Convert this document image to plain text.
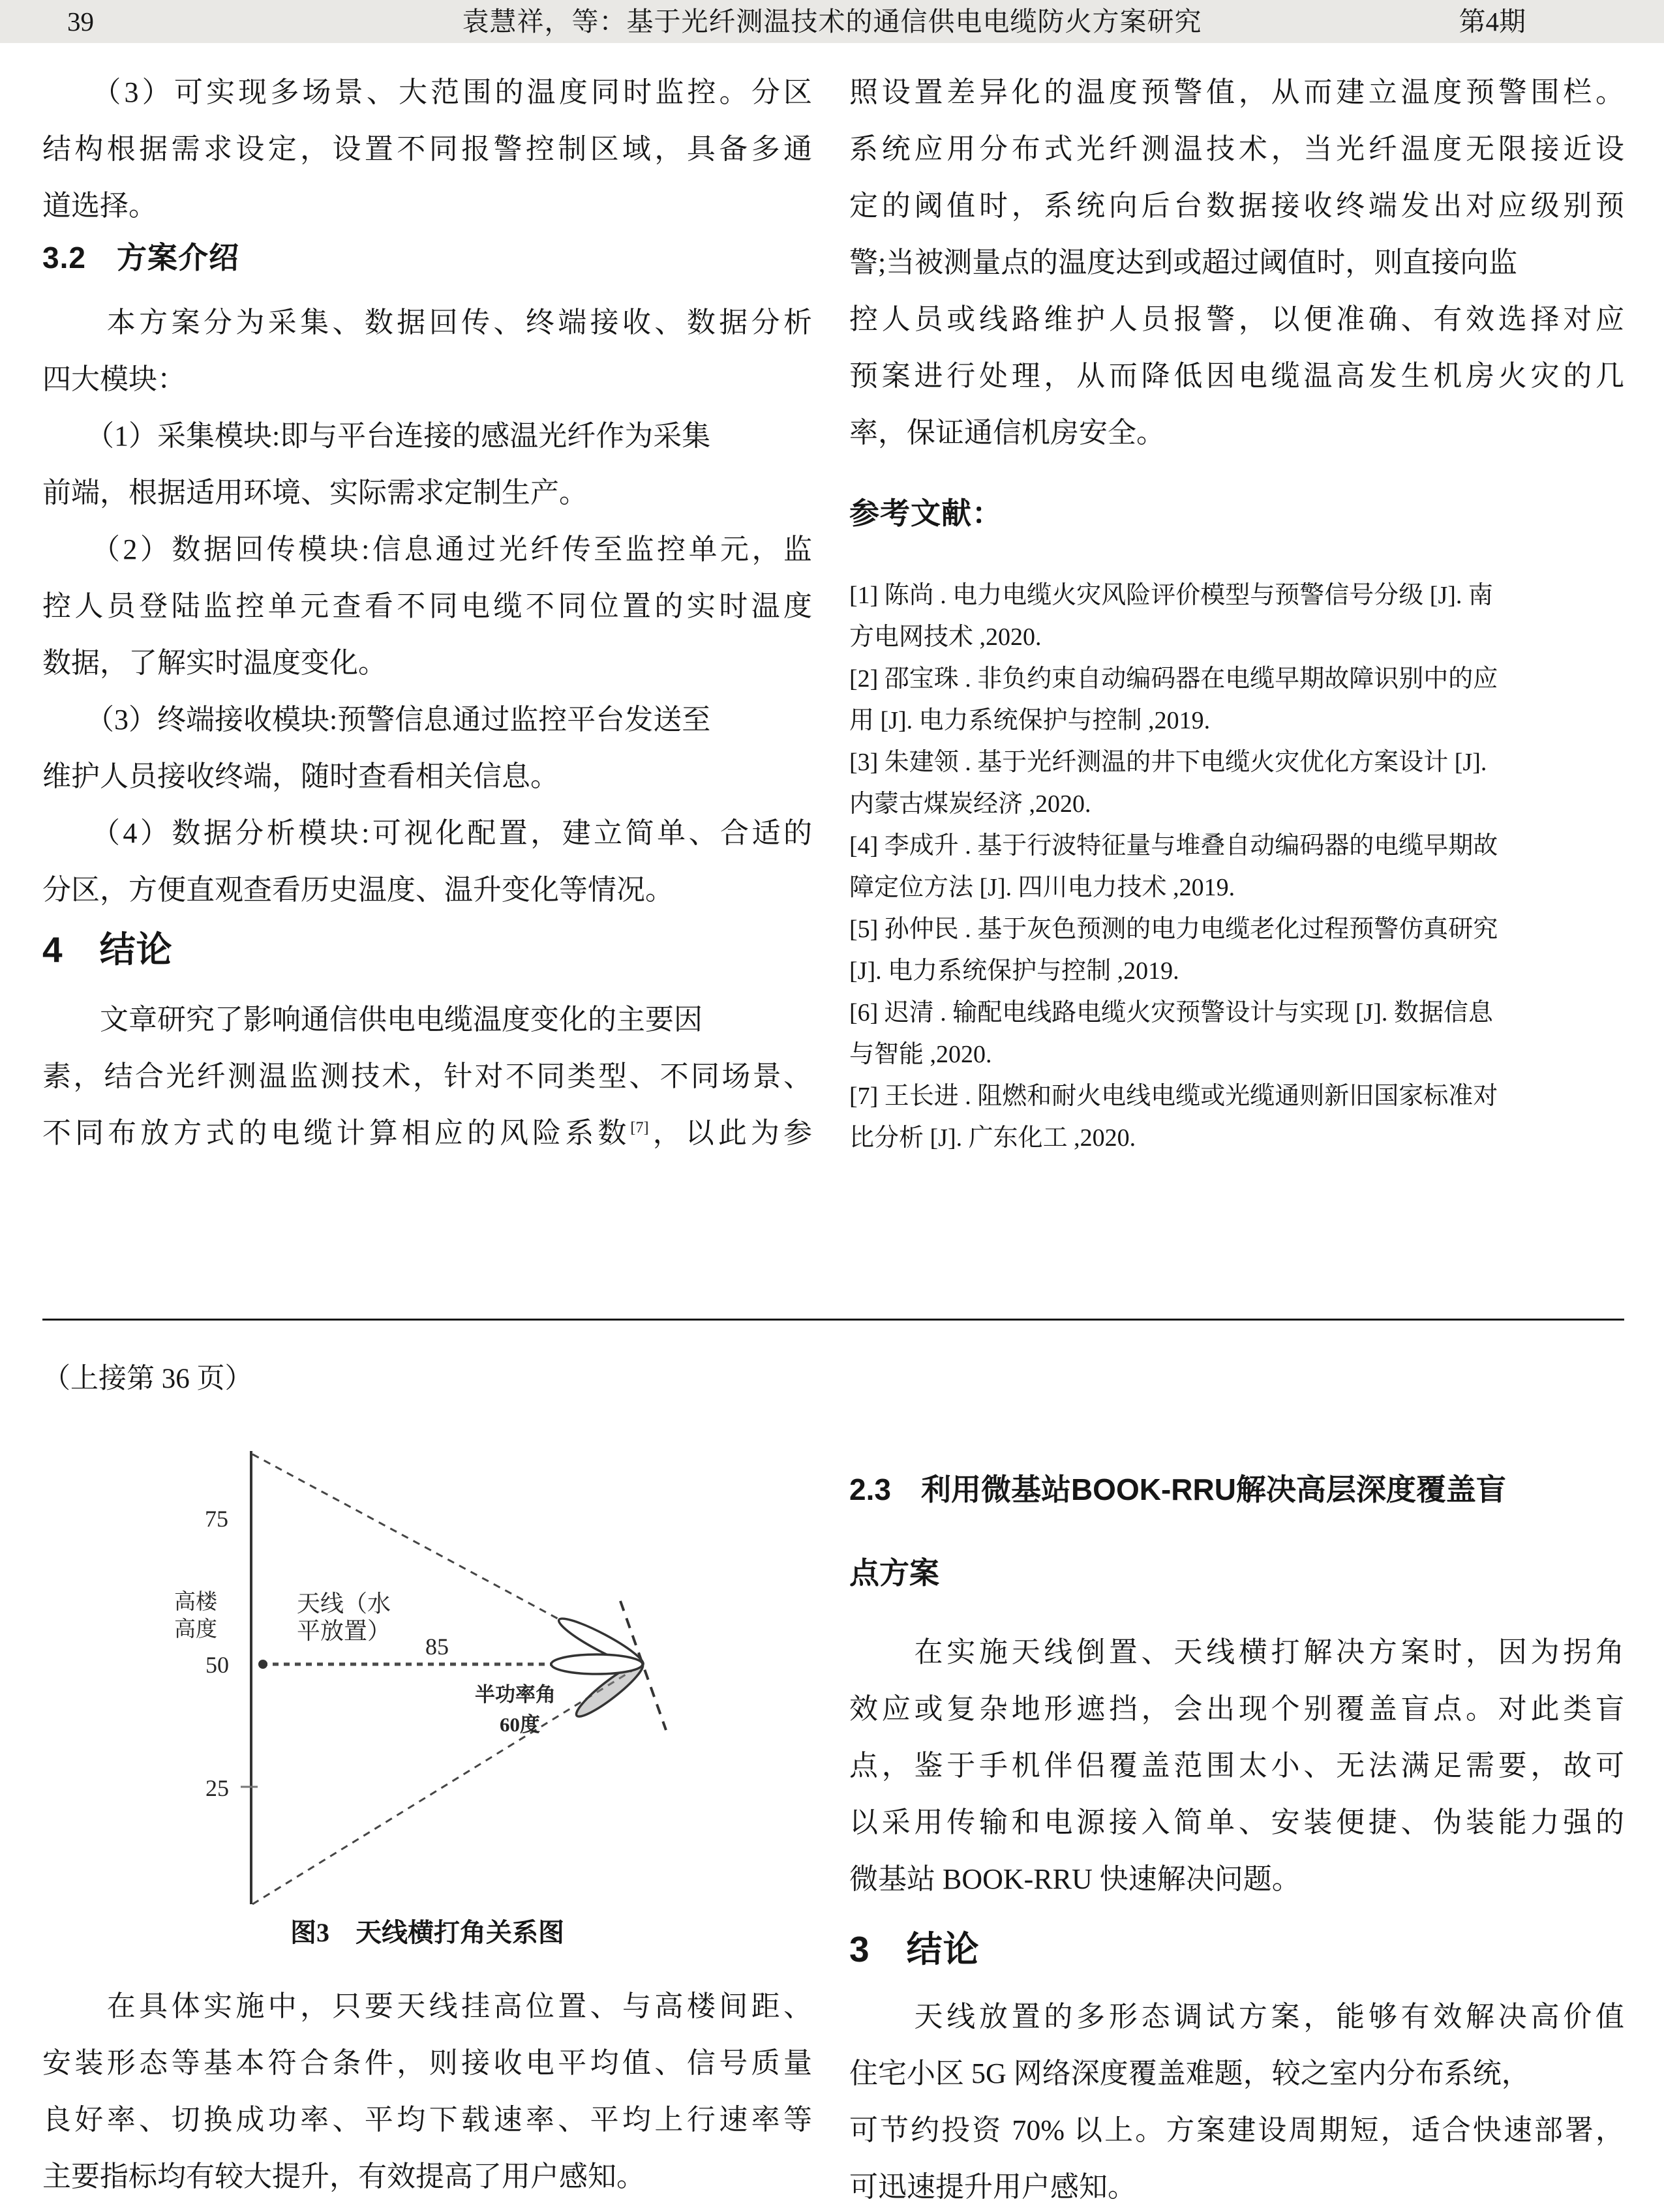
39	袁慧祥，等：基于光纤测温技术的通信供电电缆防火方案研究	第4期
　　（3）可实现多场景、大范围的温度同时监控。分区
结构根据需求设定，设置不同报警控制区域，具备多通
道选择。
3.2　方案介绍
　　本方案分为采集、数据回传、终端接收、数据分析
四大模块：
　　（1）采集模块:即与平台连接的感温光纤作为采集
前端，根据适用环境、实际需求定制生产。
　　（2）数据回传模块:信息通过光纤传至监控单元，监
控人员登陆监控单元查看不同电缆不同位置的实时温度
数据，了解实时温度变化。
　　（3）终端接收模块:预警信息通过监控平台发送至
维护人员接收终端，随时查看相关信息。
　　（4）数据分析模块:可视化配置，建立简单、合适的
分区，方便直观查看历史温度、温升变化等情况。
4　结论
　　文章研究了影响通信供电电缆温度变化的主要因
素，结合光纤测温监测技术，针对不同类型、不同场景、
不同布放方式的电缆计算相应的风险系数[7]，以此为参
照设置差异化的温度预警值，从而建立温度预警围栏。
系统应用分布式光纤测温技术，当光纤温度无限接近设
定的阈值时，系统向后台数据接收终端发出对应级别预
警;当被测量点的温度达到或超过阈值时，则直接向监
控人员或线路维护人员报警，以便准确、有效选择对应
预案进行处理，从而降低因电缆温高发生机房火灾的几
率，保证通信机房安全。
参考文献：
[1] 陈尚 . 电力电缆火灾风险评价模型与预警信号分级 [J]. 南
方电网技术 ,2020.
[2] 邵宝珠 . 非负约束自动编码器在电缆早期故障识别中的应
用 [J]. 电力系统保护与控制 ,2019.
[3] 朱建领 . 基于光纤测温的井下电缆火灾优化方案设计 [J].
内蒙古煤炭经济 ,2020.
[4] 李成升 . 基于行波特征量与堆叠自动编码器的电缆早期故
障定位方法 [J]. 四川电力技术 ,2019.
[5] 孙仲民 . 基于灰色预测的电力电缆老化过程预警仿真研究
[J]. 电力系统保护与控制 ,2019.
[6] 迟清 . 输配电线路电缆火灾预警设计与实现 [J]. 数据信息
与智能 ,2020.
[7] 王长进 . 阻燃和耐火电线电缆或光缆通则新旧国家标准对
比分析 [J]. 广东化工 ,2020.
（上接第 36 页）
75
高楼
高度
50
25
天线（水
平放置）
85
半功率角
60度
图3　天线横打角关系图
　　在具体实施中，只要天线挂高位置、与高楼间距、
安装形态等基本符合条件，则接收电平均值、信号质量
良好率、切换成功率、平均下载速率、平均上行速率等
主要指标均有较大提升，有效提高了用户感知。
2.3　利用微基站BOOK-RRU解决高层深度覆盖盲
点方案
　　在实施天线倒置、天线横打解决方案时，因为拐角
效应或复杂地形遮挡，会出现个别覆盖盲点。对此类盲
点，鉴于手机伴侣覆盖范围太小、无法满足需要，故可
以采用传输和电源接入简单、安装便捷、伪装能力强的
微基站 BOOK-RRU 快速解决问题。
3　结论
　　天线放置的多形态调试方案，能够有效解决高价值
住宅小区 5G 网络深度覆盖难题，较之室内分布系统，
可节约投资 70% 以上。方案建设周期短，适合快速部署，
可迅速提升用户感知。
